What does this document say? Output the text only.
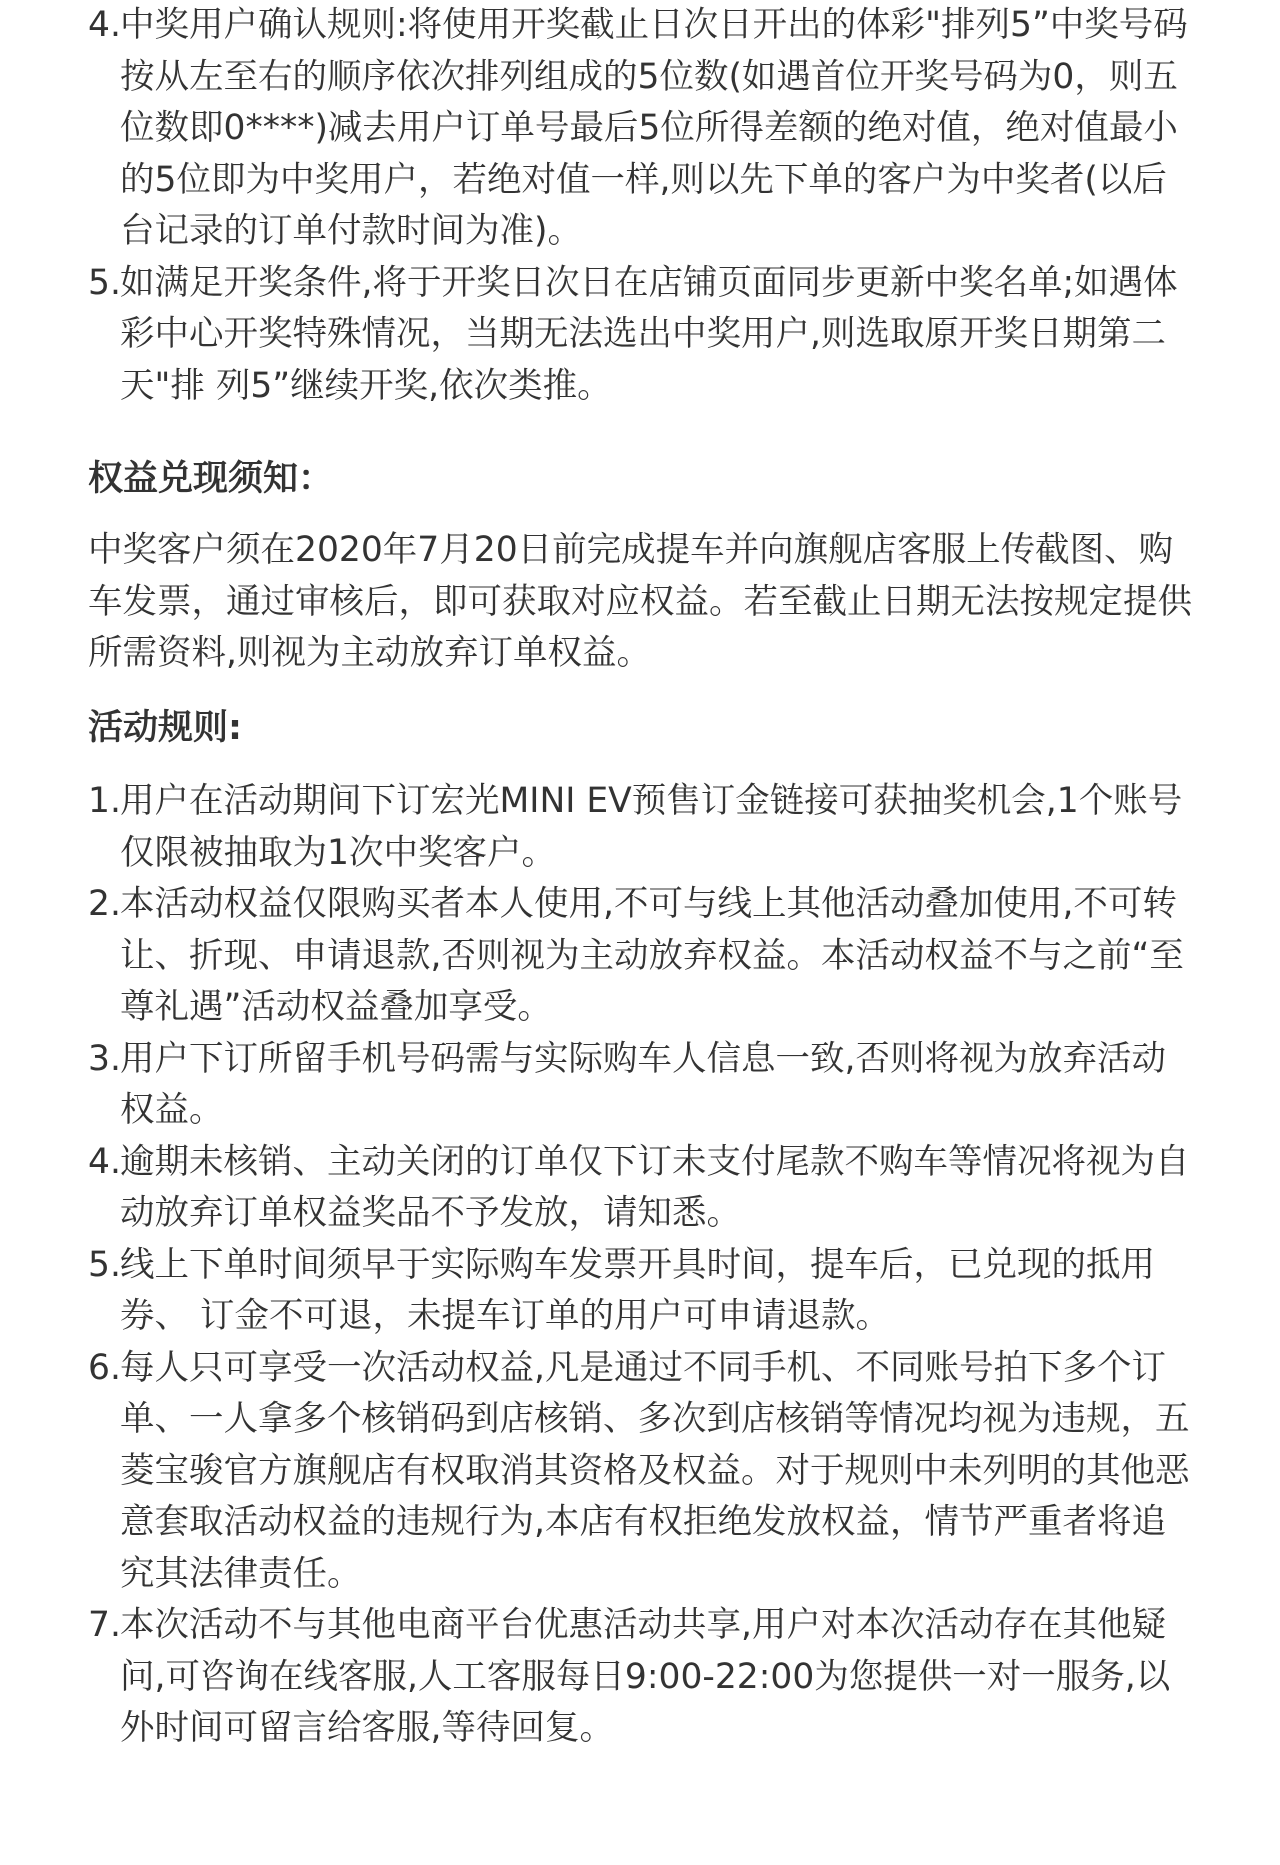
4. 中奖用户确认规则:将使用开奖截止日次日开出的体彩"排列5”中奖号码按从左至右的顺序依次排列组成的5位数(如遇首位开奖号码为0，则五位数即0****)减去用户订单号最后5位所得差额的绝对值，绝对值最小的5位即为中奖用户，若绝对值一样,则以先下单的客户为中奖者(以后台记录的订单付款时间为准)。

5. 如满足开奖条件,将于开奖日次日在店铺页面同步更新中奖名单;如遇体彩中心开奖特殊情况，当期无法选出中奖用户,则选取原开奖日期第二天"排 列5”继续开奖,依次类推。

权益兑现须知：
中奖客户须在2020年7月20日前完成提车并向旗舰店客服上传截图、购车发票，通过审核后，即可获取对应权益。若至截止日期无法按规定提供所需资料,则视为主动放弃订单权益。
活动规则:

1. 用户在活动期间下订宏光MINI EV预售订金链接可获抽奖机会,1个账号仅限被抽取为1次中奖客户。

2. 本活动权益仅限购买者本人使用,不可与线上其他活动叠加使用,不可转让、折现、申请退款,否则视为主动放弃权益。本活动权益不与之前“至尊礼遇”活动权益叠加享受。

3. 用户下订所留手机号码需与实际购车人信息一致,否则将视为放弃活动权益。

4. 逾期未核销、主动关闭的订单仅下订未支付尾款不购车等情况将视为自动放弃订单权益奖品不予发放，请知悉。

5. 线上下单时间须早于实际购车发票开具时间，提车后，已兑现的抵用券、 订金不可退，未提车订单的用户可申请退款。

6. 每人只可享受一次活动权益,凡是通过不同手机、不同账号拍下多个订单、一人拿多个核销码到店核销、多次到店核销等情况均视为违规，五菱宝骏官方旗舰店有权取消其资格及权益。对于规则中未列明的其他恶意套取活动权益的违规行为,本店有权拒绝发放权益，情节严重者将追究其法律责任。

7. 本次活动不与其他电商平台优惠活动共享,用户对本次活动存在其他疑问,可咨询在线客服,人工客服每日9:00-22:00为您提供一对一服务,以外时间可留言给客服,等待回复。
